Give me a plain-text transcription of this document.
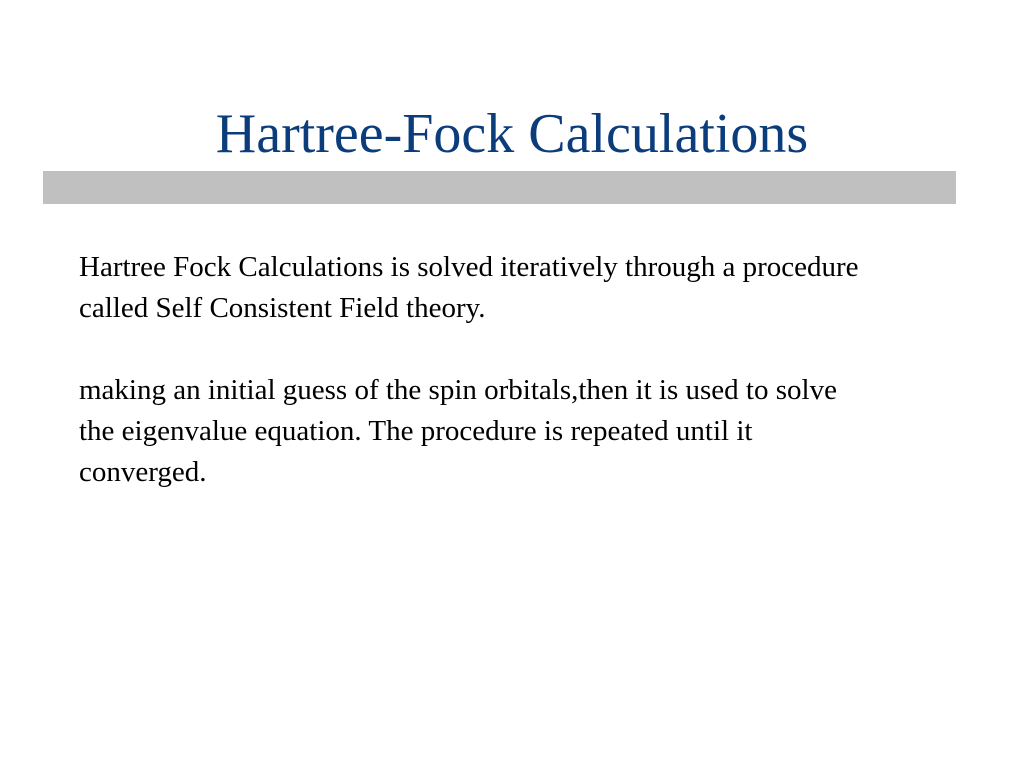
Hartree-Fock Calculations

Hartree Fock Calculations is solved iteratively through a procedure called Self Consistent Field theory.

making an initial guess of the spin orbitals,then it is used to solve the eigenvalue equation. The procedure is repeated until it converged.
